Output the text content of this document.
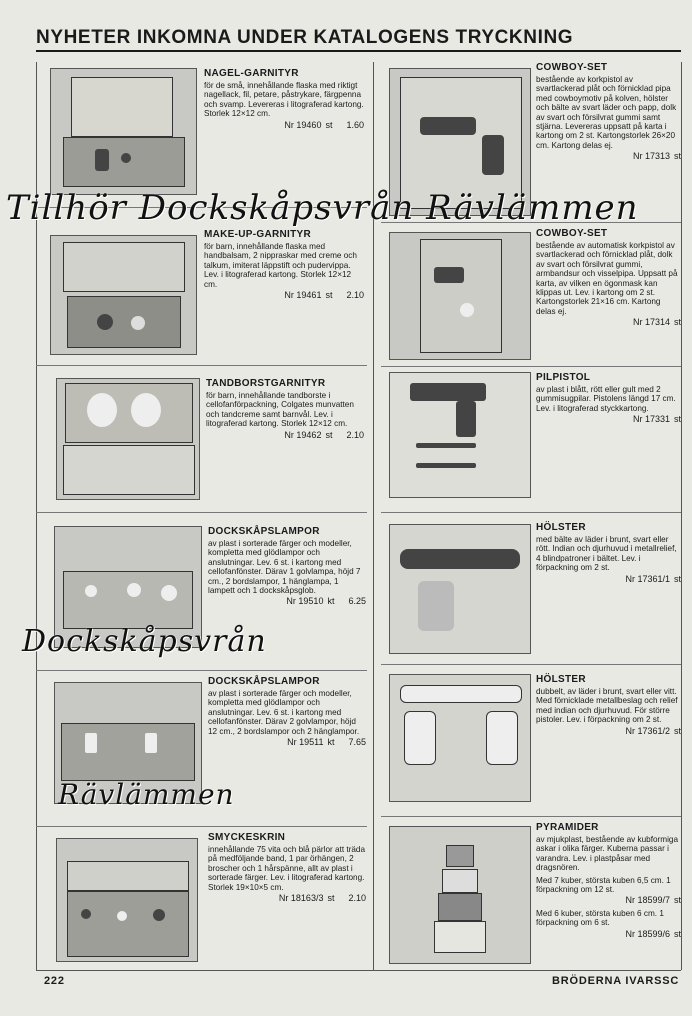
NYHETER INKOMNA UNDER KATALOGENS TRYCKNING
NAGEL-GARNITYR
för de små, innehållande flaska med riktigt nagellack, fil, petare, påstrykare, färgpenna och svamp. Levereras i litograferad kartong. Storlek 12×12 cm.
Nr 19460 st 1.60
MAKE-UP-GARNITYR
för barn, innehållande flaska med handbalsam, 2 nippraskar med creme och talkum, imiterat läppstift och pudervippa. Lev. i litograferad kartong. Storlek 12×12 cm.
Nr 19461 st 2.10
TANDBORSTGARNITYR
för barn, innehållande tandborste i cellofanförpackning, Colgates munvatten och tandcreme samt barnvål. Lev. i litograferad kartong. Storlek 12×12 cm.
Nr 19462 st 2.10
DOCKSKÅPSLAMPOR
av plast i sorterade färger och modeller, kompletta med glödlampor och anslutningar. Lev. 6 st. i kartong med cellofanfönster. Därav 1 golvlampa, höjd 7 cm., 2 bordslampor, 1 hänglampa, 1 lampett och 1 dockskåpsglob.
Nr 19510 kt 6.25
DOCKSKÅPSLAMPOR
av plast i sorterade färger och modeller, kompletta med glödlampor och anslutningar. Lev. 6 st. i kartong med cellofanfönster. Därav 2 golvlampor, höjd 12 cm., 2 bordslampor och 2 hänglampor.
Nr 19511 kt 7.65
SMYCKESKRIN
innehållande 75 vita och blå pärlor att träda på medföljande band, 1 par örhängen, 2 broscher och 1 hårspänne, allt av plast i sorterade färger. Lev. i litograferad kartong. Storlek 19×10×5 cm.
Nr 18163/3 st 2.10
COWBOY-SET
bestående av korkpistol av svartlackerad plåt och förnicklad pipa med cowboymotiv på kolven, hölster och bälte av svart läder och papp, dolk av svart och försilvrat gummi samt stjärna. Levereras uppsatt på karta i kartong om 2 st. Kartongstorlek 26×20 cm. Kartong delas ej.
Nr 17313 st
COWBOY-SET
bestående av automatisk korkpistol av svartlackerad och förnicklad plåt, dolk av svart och försilvrat gummi, armbandsur och visselpipa. Uppsatt på karta, av vilken en ögonmask kan klippas ut. Lev. i kartong om 2 st. Kartongstorlek 21×16 cm. Kartong delas ej.
Nr 17314 st
PILPISTOL
av plast i blått, rött eller gult med 2 gummisugpilar. Pistolens längd 17 cm. Lev. i litograferad styckkartong.
Nr 17331 st
HÖLSTER
med bälte av läder i brunt, svart eller rött. Indian och djurhuvud i metallrelief, 4 blindpatroner i bältet. Lev. i förpackning om 2 st.
Nr 17361/1 st
HÖLSTER
dubbelt, av läder i brunt, svart eller vitt. Med förnicklade metallbeslag och relief med indian och djurhuvud. För större pistoler. Lev. i förpackning om 2 st.
Nr 17361/2 st
PYRAMIDER
av mjukplast, bestående av kubformiga askar i olika färger. Kuberna passar i varandra. Lev. i plastpåsar med dragsnören.
Med 7 kuber, största kuben 6,5 cm. 1 förpackning om 12 st.
Nr 18599/7 st
Med 6 kuber, största kuben 6 cm. 1 förpackning om 6 st.
Nr 18599/6 st
222	BRÖDERNA IVARSSC
Tillhör Dockskåpsvrån Rävlämmen
Dockskåpsvrån
Rävlämmen
